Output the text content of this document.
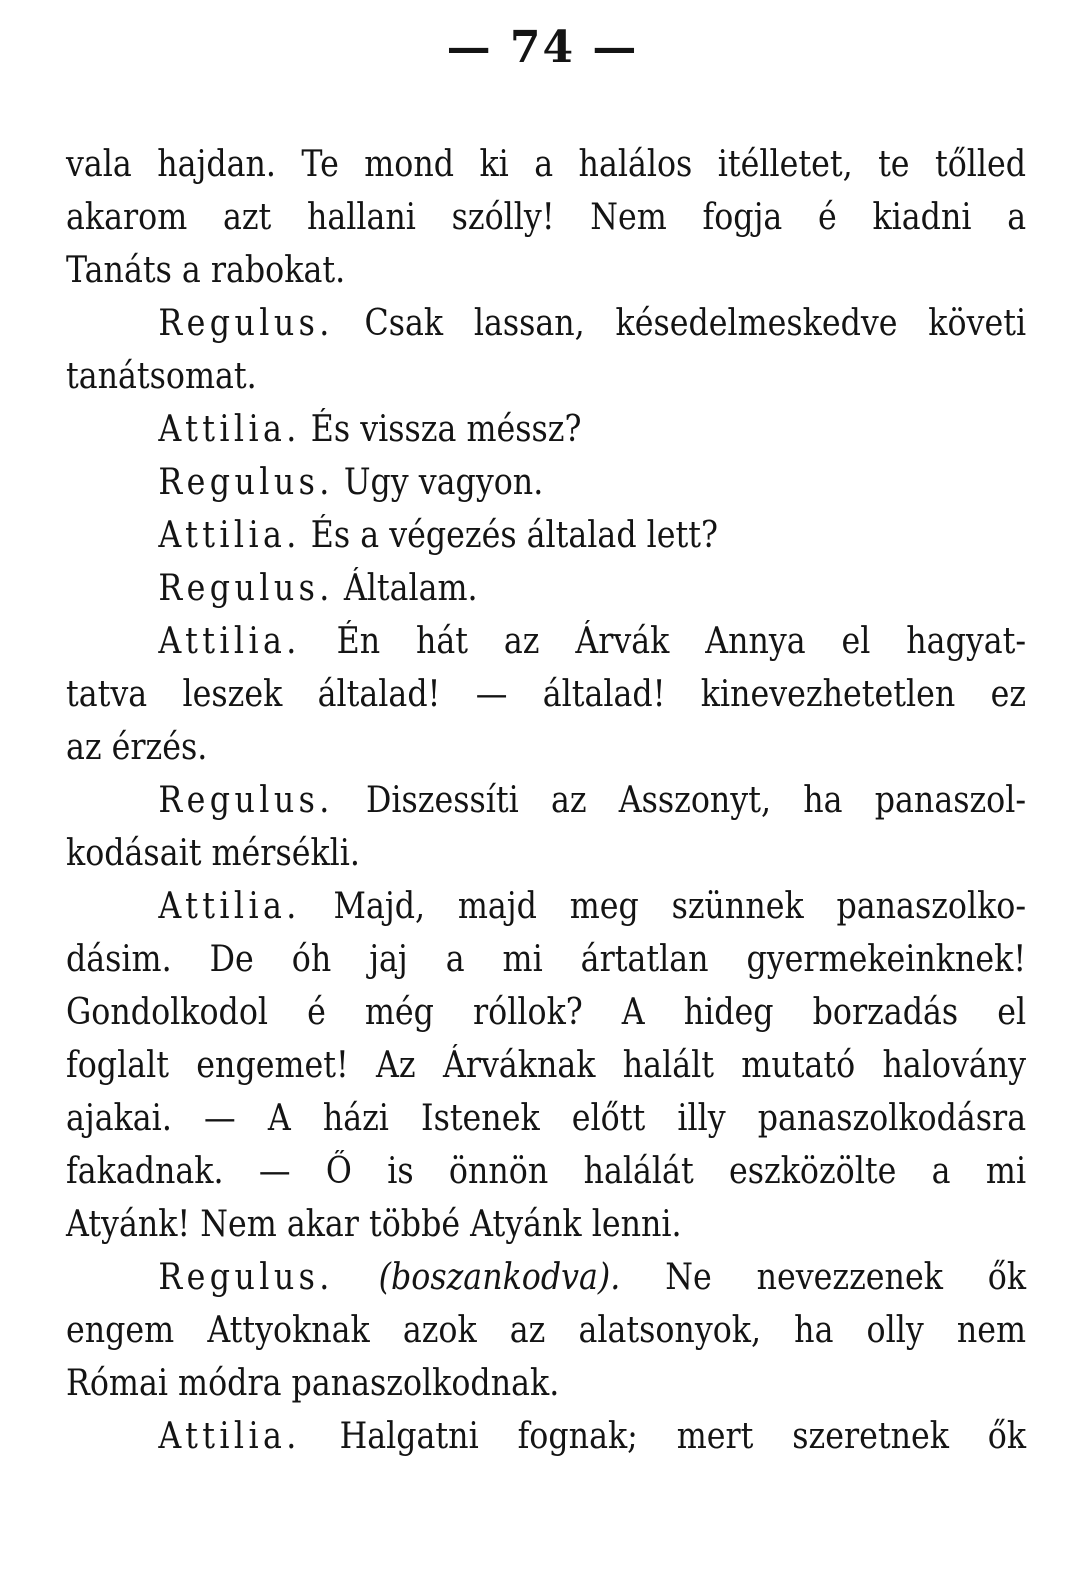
— 74 —
vala hajdan. Te mond ki a halálos itélletet, te tőlled
akarom azt hallani szólly! Nem fogja é kiadni a
Tanáts a rabokat.
Regulus. Csak lassan, késedelmeskedve követi
tanátsomat.
Attilia. És vissza méssz?
Regulus. Ugy vagyon.
Attilia. És a végezés általad lett?
Regulus. Általam.
Attilia. Én hát az Árvák Annya el hagyat-
tatva leszek általad! — általad! kinevezhetetlen ez
az érzés.
Regulus. Diszessíti az Asszonyt, ha panaszol-
kodásait mérsékli.
Attilia. Majd, majd meg szünnek panaszolko-
dásim. De óh jaj a mi ártatlan gyermekeinknek!
Gondolkodol é még róllok? A hideg borzadás el
foglalt engemet! Az Árváknak halált mutató halovány
ajakai. — A házi Istenek előtt illy panaszolkodásra
fakadnak. — Ő is önnön halálát eszközölte a mi
Atyánk! Nem akar többé Atyánk lenni.
Regulus. (boszankodva). Ne nevezzenek ők
engem Attyoknak azok az alatsonyok, ha olly nem
Római módra panaszolkodnak.
Attilia. Halgatni fognak; mert szeretnek ők
